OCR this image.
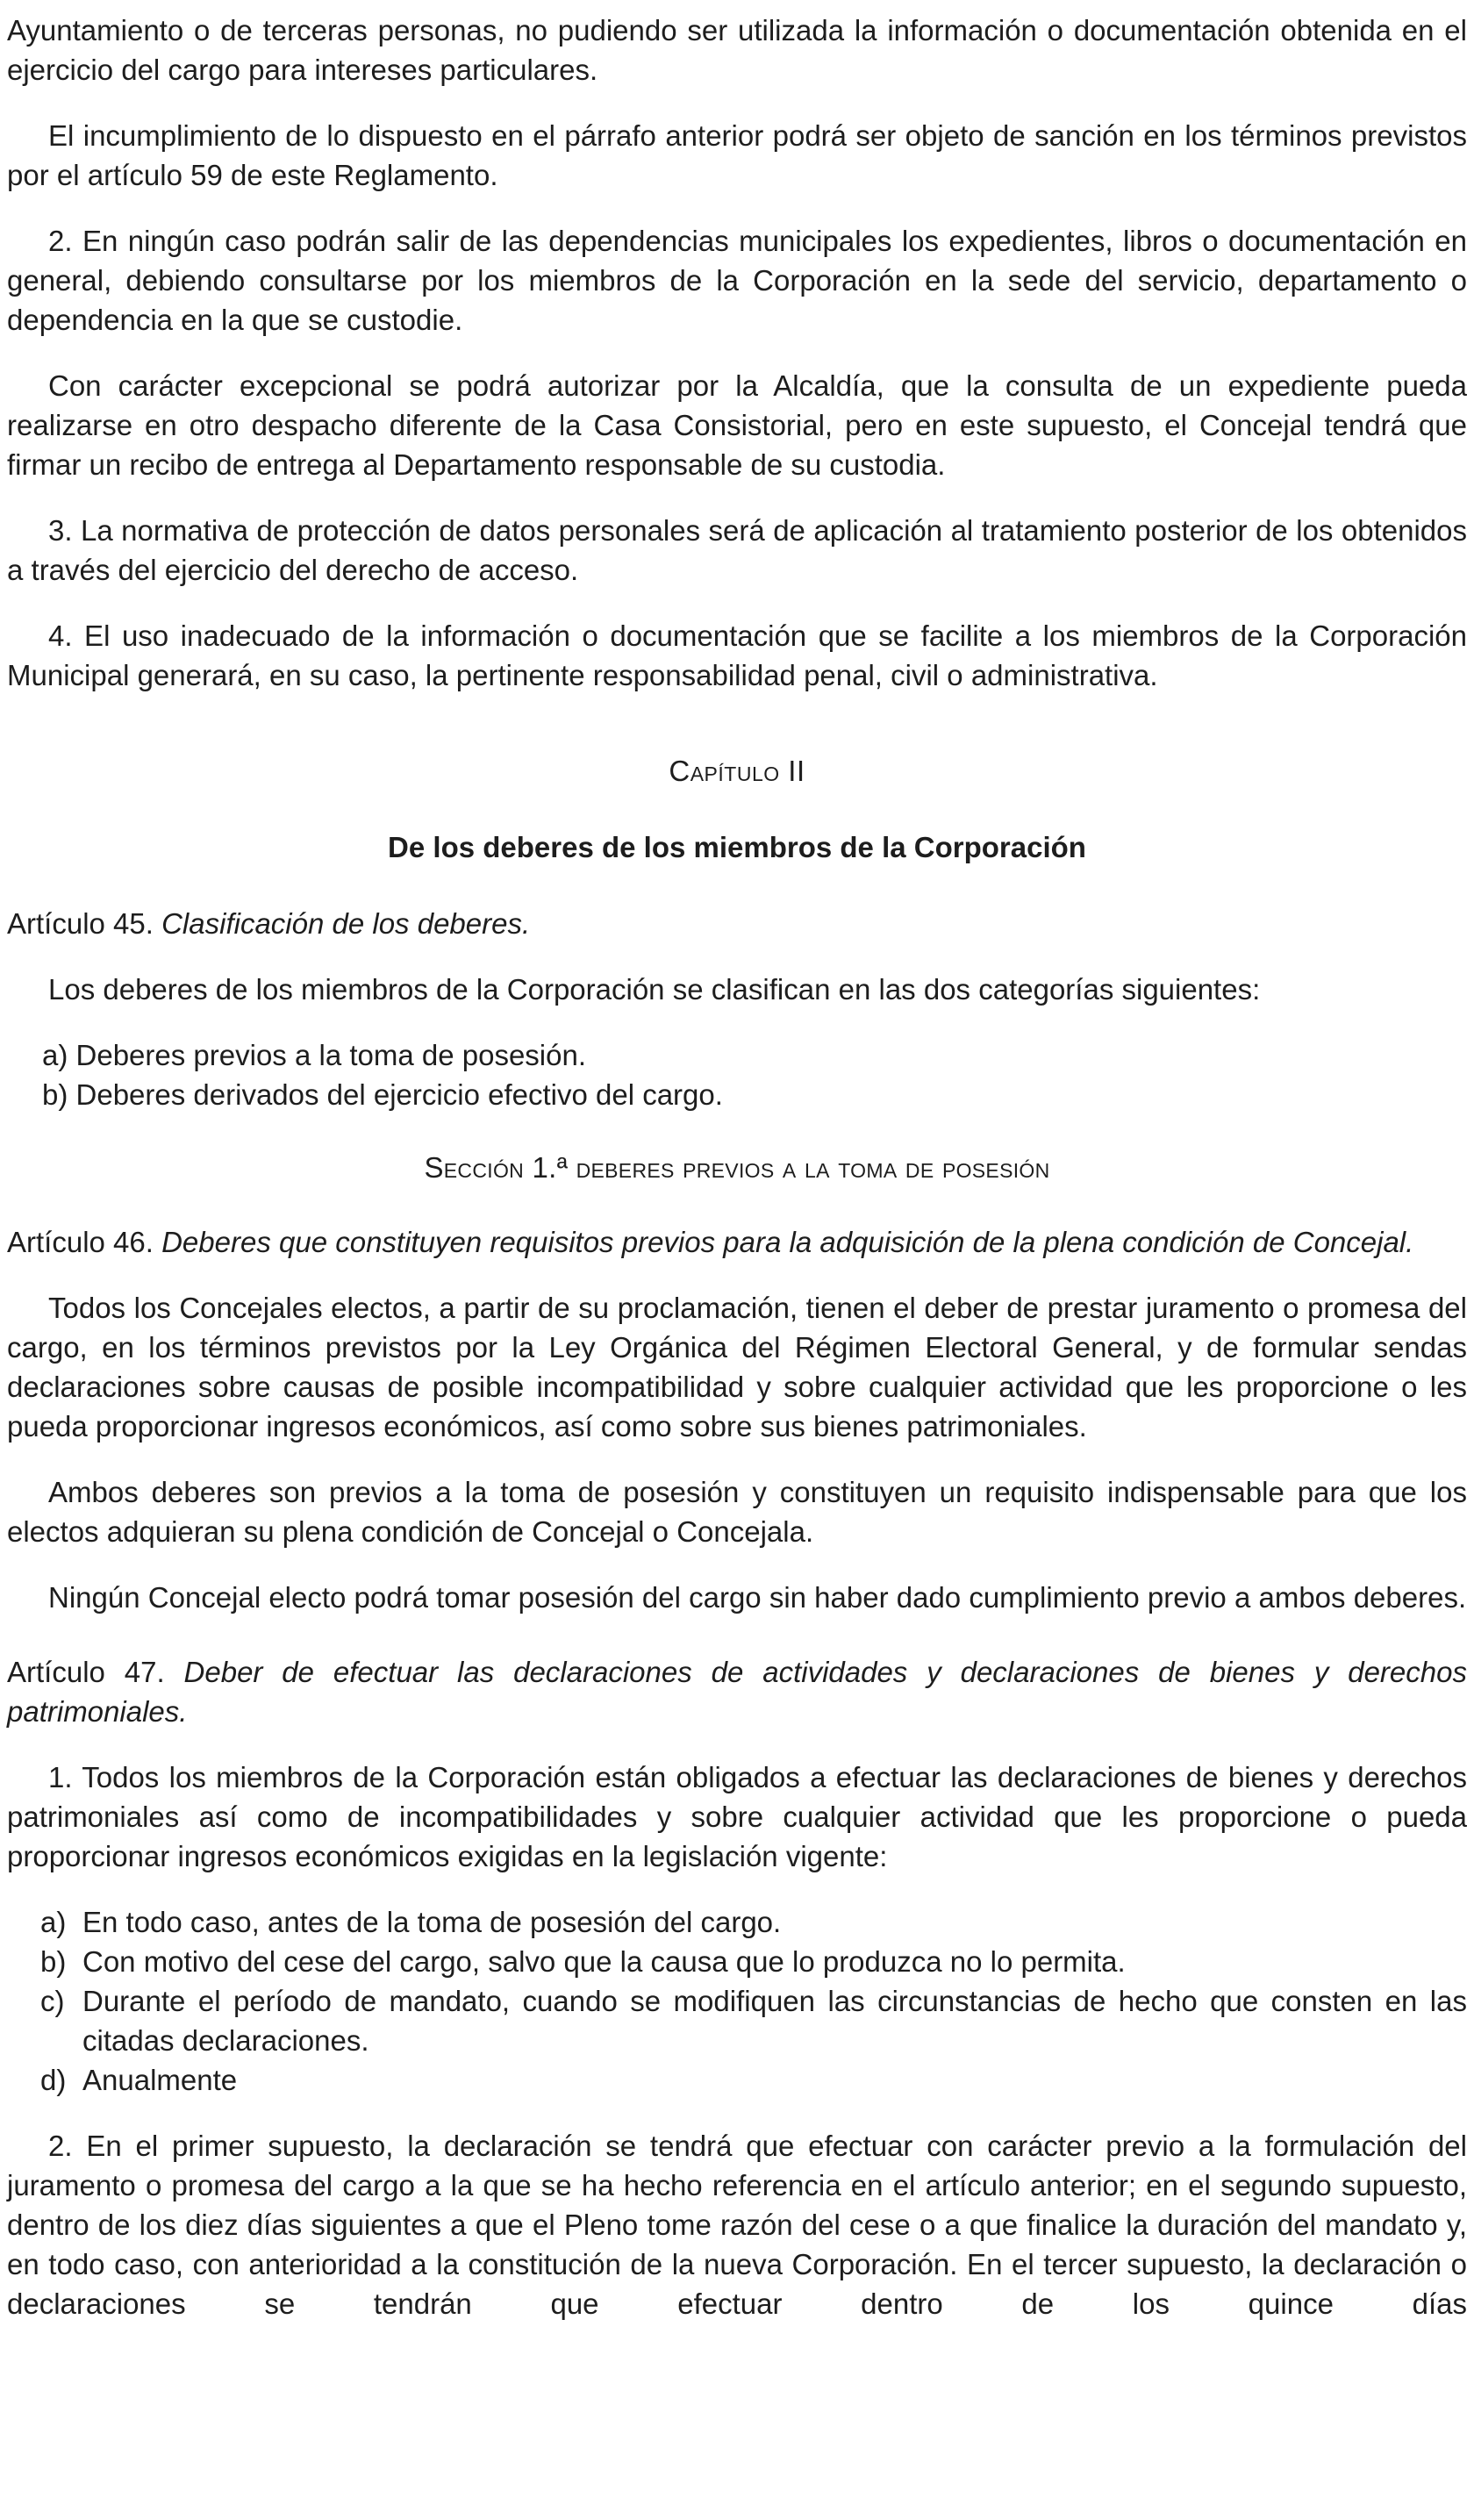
Ayuntamiento o de terceras personas, no pudiendo ser utilizada la información o documentación obtenida en el ejercicio del cargo para intereses particulares.

El incumplimiento de lo dispuesto en el párrafo anterior podrá ser objeto de sanción en los términos previstos por el artículo 59 de este Reglamento.

2. En ningún caso podrán salir de las dependencias municipales los expedientes, libros o documentación en general, debiendo consultarse por los miembros de la Corporación en la sede del servicio, departamento o dependencia en la que se custodie.

Con carácter excepcional se podrá autorizar por la Alcaldía, que la consulta de un expediente pueda realizarse en otro despacho diferente de la Casa Consistorial, pero en este supuesto, el Concejal tendrá que firmar un recibo de entrega al Departamento responsable de su custodia.

3. La normativa de protección de datos personales será de aplicación al tratamiento posterior de los obtenidos a través del ejercicio del derecho de acceso.

4. El uso inadecuado de la información o documentación que se facilite a los miembros de la Corporación Municipal generará, en su caso, la pertinente responsabilidad penal, civil o administrativa.

Capítulo II

De los deberes de los miembros de la Corporación

Artículo 45. Clasificación de los deberes.

Los deberes de los miembros de la Corporación se clasifican en las dos categorías siguientes:

a) Deberes previos a la toma de posesión.

b) Deberes derivados del ejercicio efectivo del cargo.

Sección 1.ª deberes previos a la toma de posesión

Artículo 46. Deberes que constituyen requisitos previos para la adquisición de la plena condición de Concejal.

Todos los Concejales electos, a partir de su proclamación, tienen el deber de prestar juramento o promesa del cargo, en los términos previstos por la Ley Orgánica del Régimen Electoral General, y de formular sendas declaraciones sobre causas de posible incompatibilidad y sobre cualquier actividad que les proporcione o les pueda proporcionar ingresos económicos, así como sobre sus bienes patrimoniales.

Ambos deberes son previos a la toma de posesión y constituyen un requisito indispensable para que los electos adquieran su plena condición de Concejal o Concejala.

Ningún Concejal electo podrá tomar posesión del cargo sin haber dado cumplimiento previo a ambos deberes.

Artículo 47. Deber de efectuar las declaraciones de actividades y declaraciones de bienes y derechos patrimoniales.

1. Todos los miembros de la Corporación están obligados a efectuar las declaraciones de bienes y derechos patrimoniales así como de incompatibilidades y sobre cualquier actividad que les proporcione o pueda proporcionar ingresos económicos exigidas en la legislación vigente:

a) En todo caso, antes de la toma de posesión del cargo.

b) Con motivo del cese del cargo, salvo que la causa que lo produzca no lo permita.

c) Durante el período de mandato, cuando se modifiquen las circunstancias de hecho que consten en las citadas declaraciones.

d) Anualmente

2. En el primer supuesto, la declaración se tendrá que efectuar con carácter previo a la formulación del juramento o promesa del cargo a la que se ha hecho referencia en el artículo anterior; en el segundo supuesto, dentro de los diez días siguientes a que el Pleno tome razón del cese o a que finalice la duración del mandato y, en todo caso, con anterioridad a la constitución de la nueva Corporación. En el tercer supuesto, la declaración o declaraciones se tendrán que efectuar dentro de los quince días
